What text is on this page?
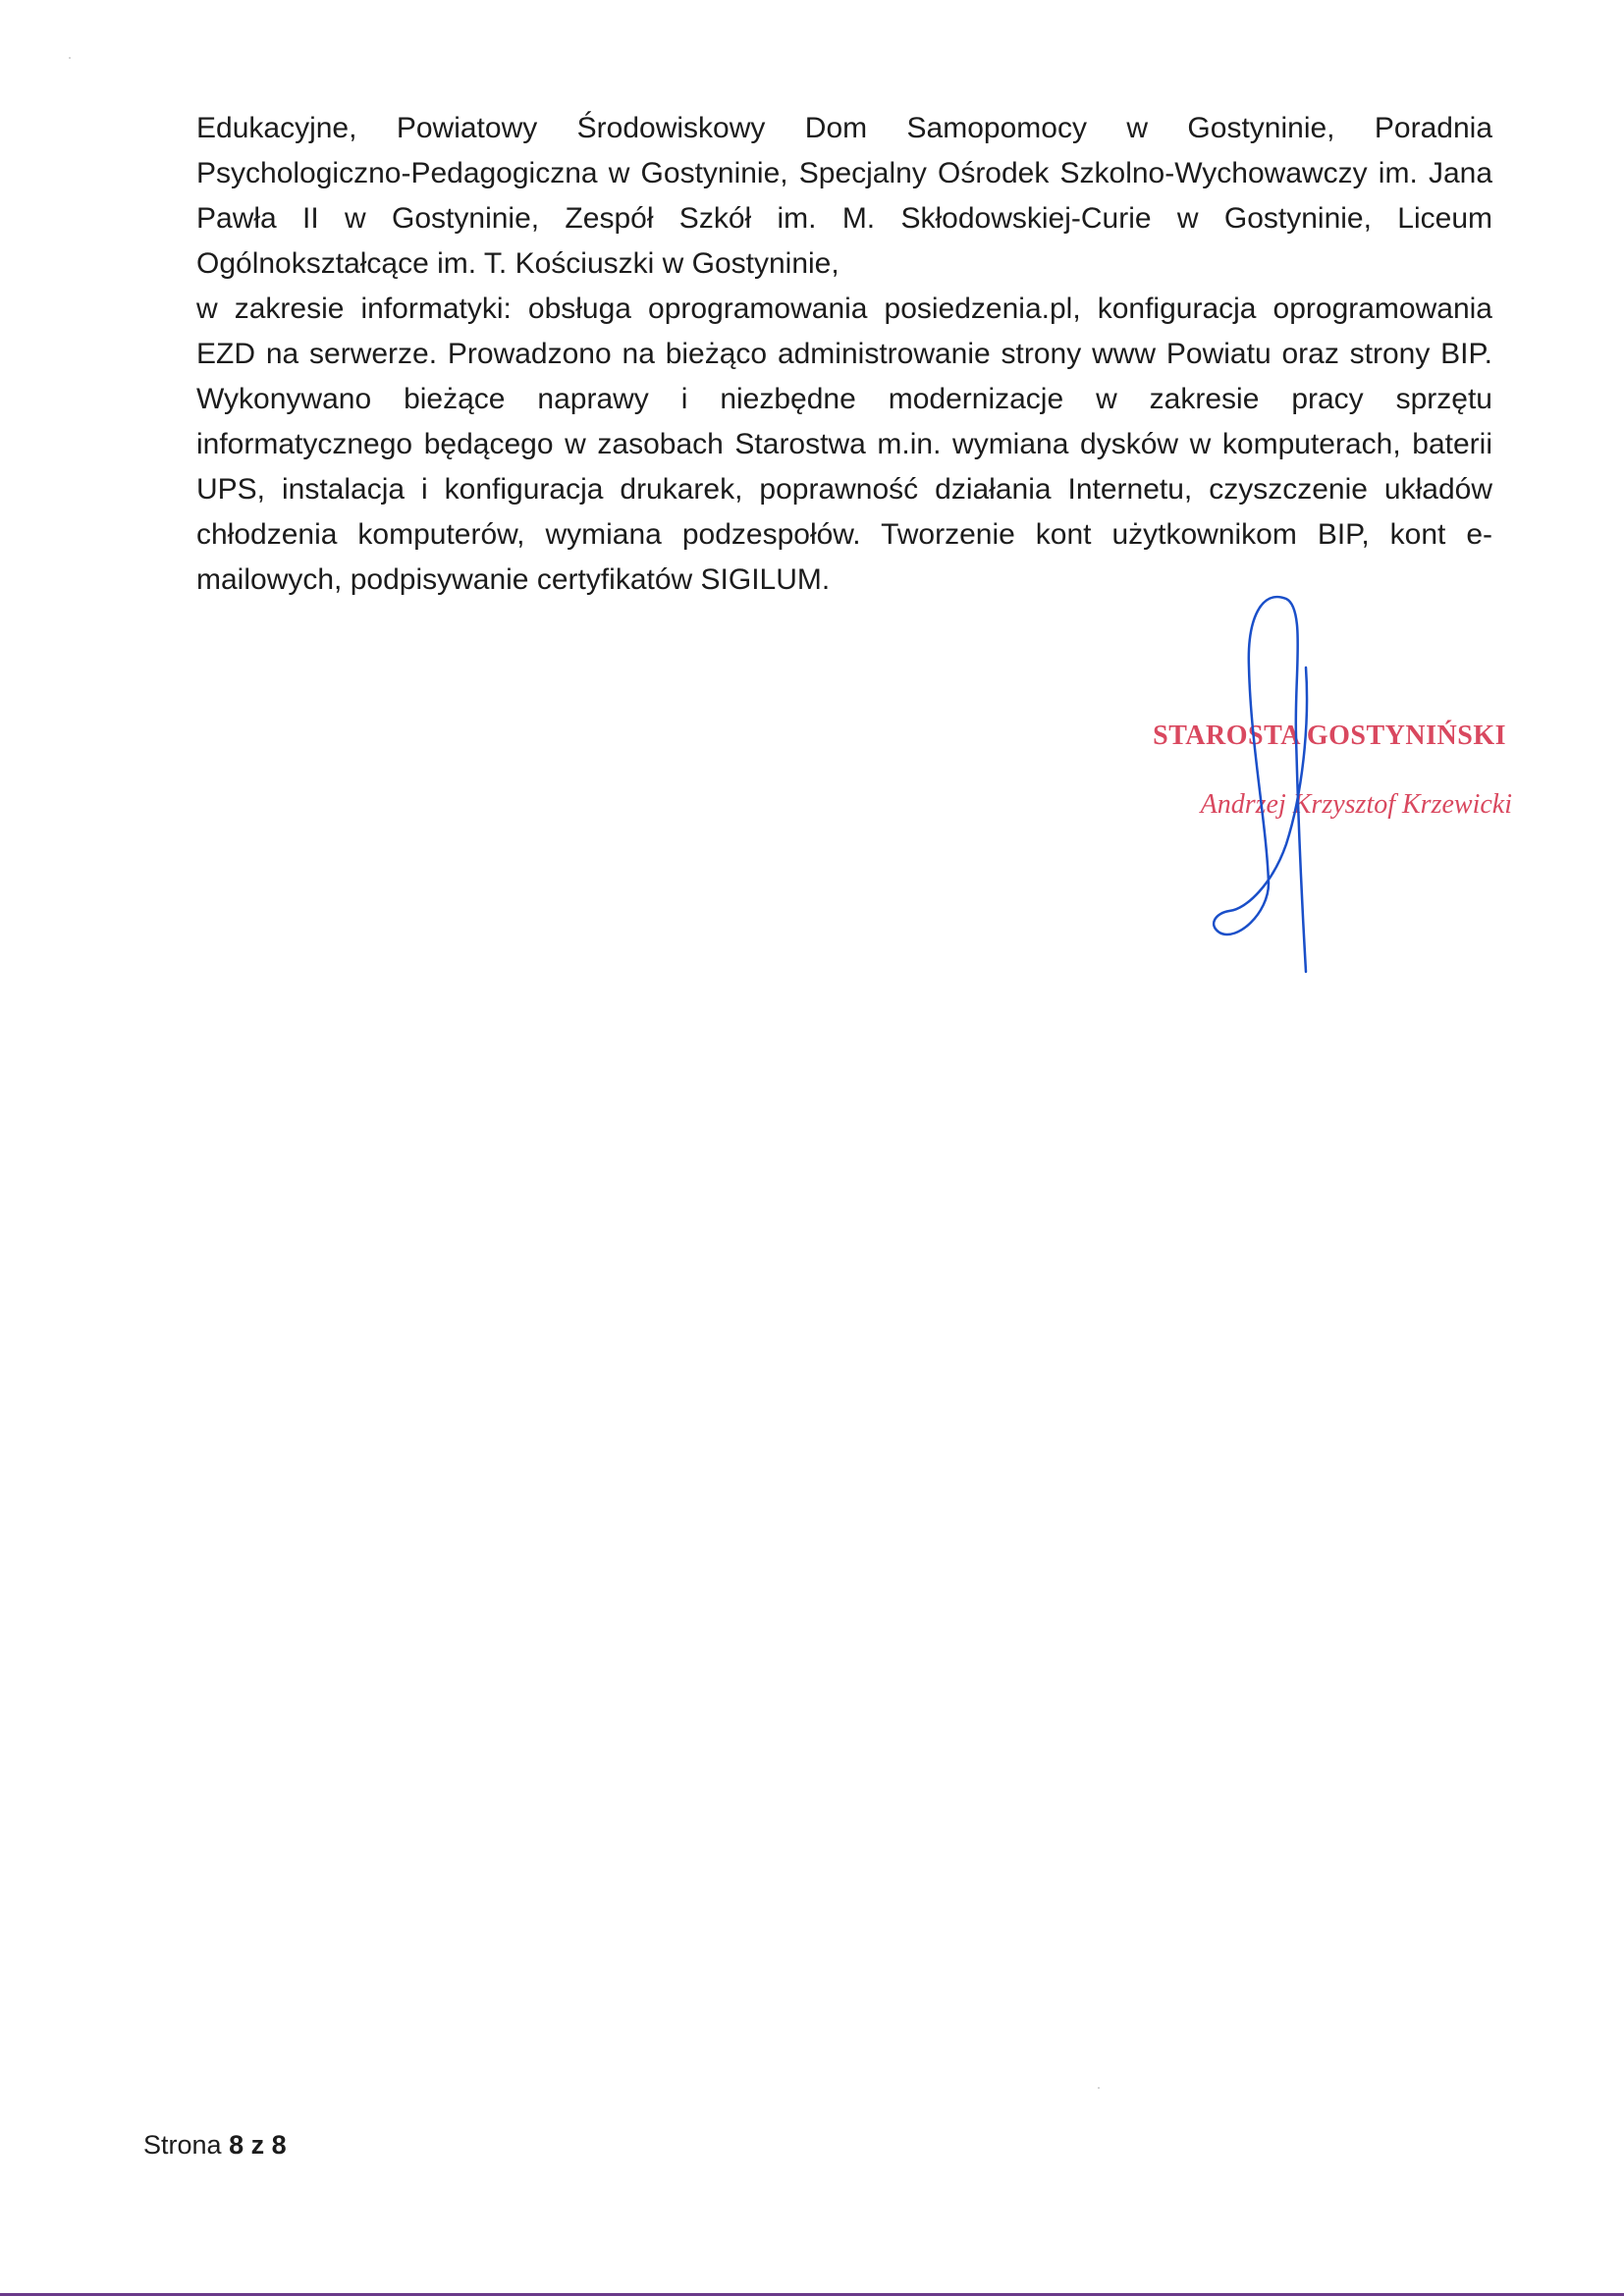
Edukacyjne, Powiatowy Środowiskowy Dom Samopomocy w Gostyninie, Poradnia Psychologiczno-Pedagogiczna w Gostyninie, Specjalny Ośrodek Szkolno-Wychowawczy im. Jana Pawła II w Gostyninie, Zespół Szkół im. M. Skłodowskiej-Curie w Gostyninie, Liceum Ogólnokształcące im. T. Kościuszki w Gostyninie,

w zakresie informatyki: obsługa oprogramowania posiedzenia.pl, konfiguracja oprogramowania EZD na serwerze. Prowadzono na bieżąco administrowanie strony www Powiatu oraz strony BIP. Wykonywano bieżące naprawy i niezbędne modernizacje w zakresie pracy sprzętu informatycznego będącego w zasobach Starostwa m.in. wymiana dysków w komputerach, baterii UPS, instalacja i konfiguracja drukarek, poprawność działania Internetu, czyszczenie układów chłodzenia komputerów, wymiana podzespołów. Tworzenie kont użytkownikom BIP, kont e-mailowych, podpisywanie certyfikatów SIGILUM.

STAROSTA GOSTYNIŃSKI
Andrzej Krzysztof Krzewicki
Strona 8 z 8
